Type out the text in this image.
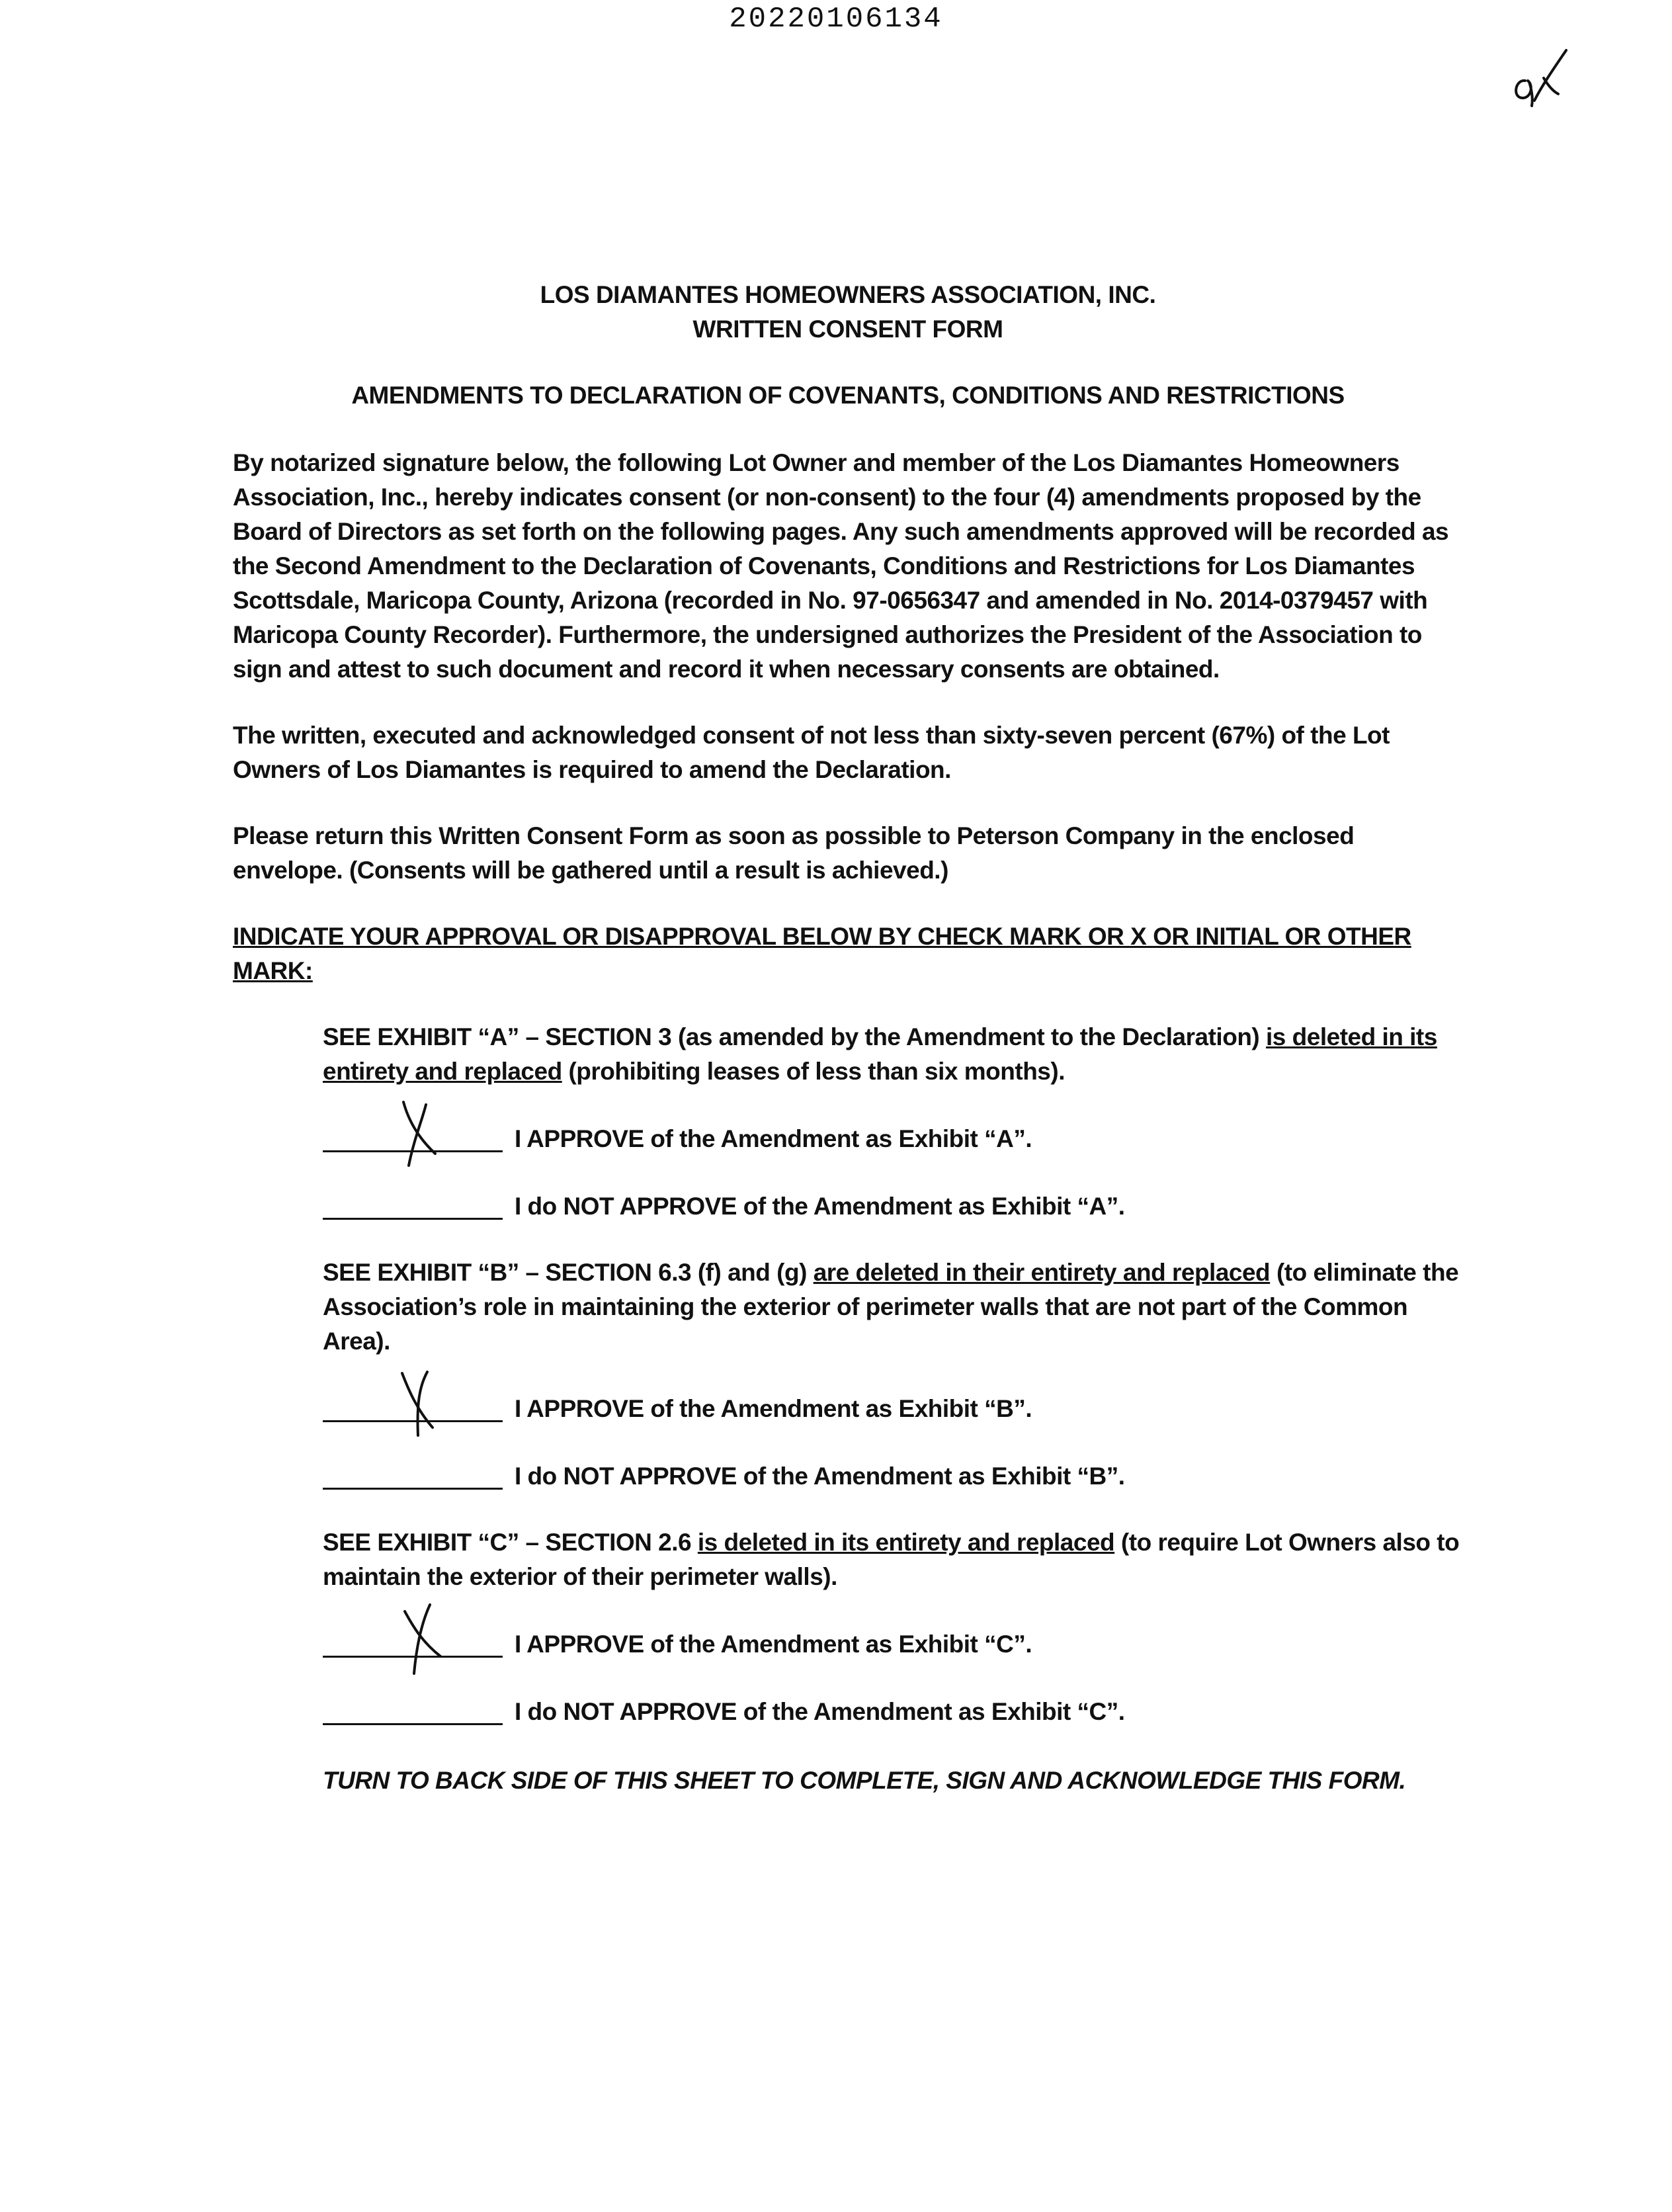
20220106134
LOS DIAMANTES HOMEOWNERS ASSOCIATION, INC.
WRITTEN CONSENT FORM
AMENDMENTS TO DECLARATION OF COVENANTS, CONDITIONS AND RESTRICTIONS
By notarized signature below, the following Lot Owner and member of the Los Diamantes Homeowners Association, Inc., hereby indicates consent (or non-consent) to the four (4) amendments proposed by the Board of Directors as set forth on the following pages. Any such amendments approved will be recorded as the Second Amendment to the Declaration of Covenants, Conditions and Restrictions for Los Diamantes Scottsdale, Maricopa County, Arizona (recorded in No. 97-0656347 and amended in No. 2014-0379457 with Maricopa County Recorder). Furthermore, the undersigned authorizes the President of the Association to sign and attest to such document and record it when necessary consents are obtained.
The written, executed and acknowledged consent of not less than sixty-seven percent (67%) of the Lot Owners of Los Diamantes is required to amend the Declaration.
Please return this Written Consent Form as soon as possible to Peterson Company in the enclosed envelope. (Consents will be gathered until a result is achieved.)
INDICATE YOUR APPROVAL OR DISAPPROVAL BELOW BY CHECK MARK OR X OR INITIAL OR OTHER MARK:
SEE EXHIBIT “A” – SECTION 3 (as amended by the Amendment to the Declaration) is deleted in its entirety and replaced (prohibiting leases of less than six months).
I APPROVE of the Amendment as Exhibit “A”.
I do NOT APPROVE of the Amendment as Exhibit “A”.
SEE EXHIBIT “B” – SECTION 6.3 (f) and (g) are deleted in their entirety and replaced (to eliminate the Association’s role in maintaining the exterior of perimeter walls that are not part of the Common Area).
I APPROVE of the Amendment as Exhibit “B”.
I do NOT APPROVE of the Amendment as Exhibit “B”.
SEE EXHIBIT “C” – SECTION 2.6 is deleted in its entirety and replaced (to require Lot Owners also to maintain the exterior of their perimeter walls).
I APPROVE of the Amendment as Exhibit “C”.
I do NOT APPROVE of the Amendment as Exhibit “C”.
TURN TO BACK SIDE OF THIS SHEET TO COMPLETE, SIGN AND ACKNOWLEDGE THIS FORM.
